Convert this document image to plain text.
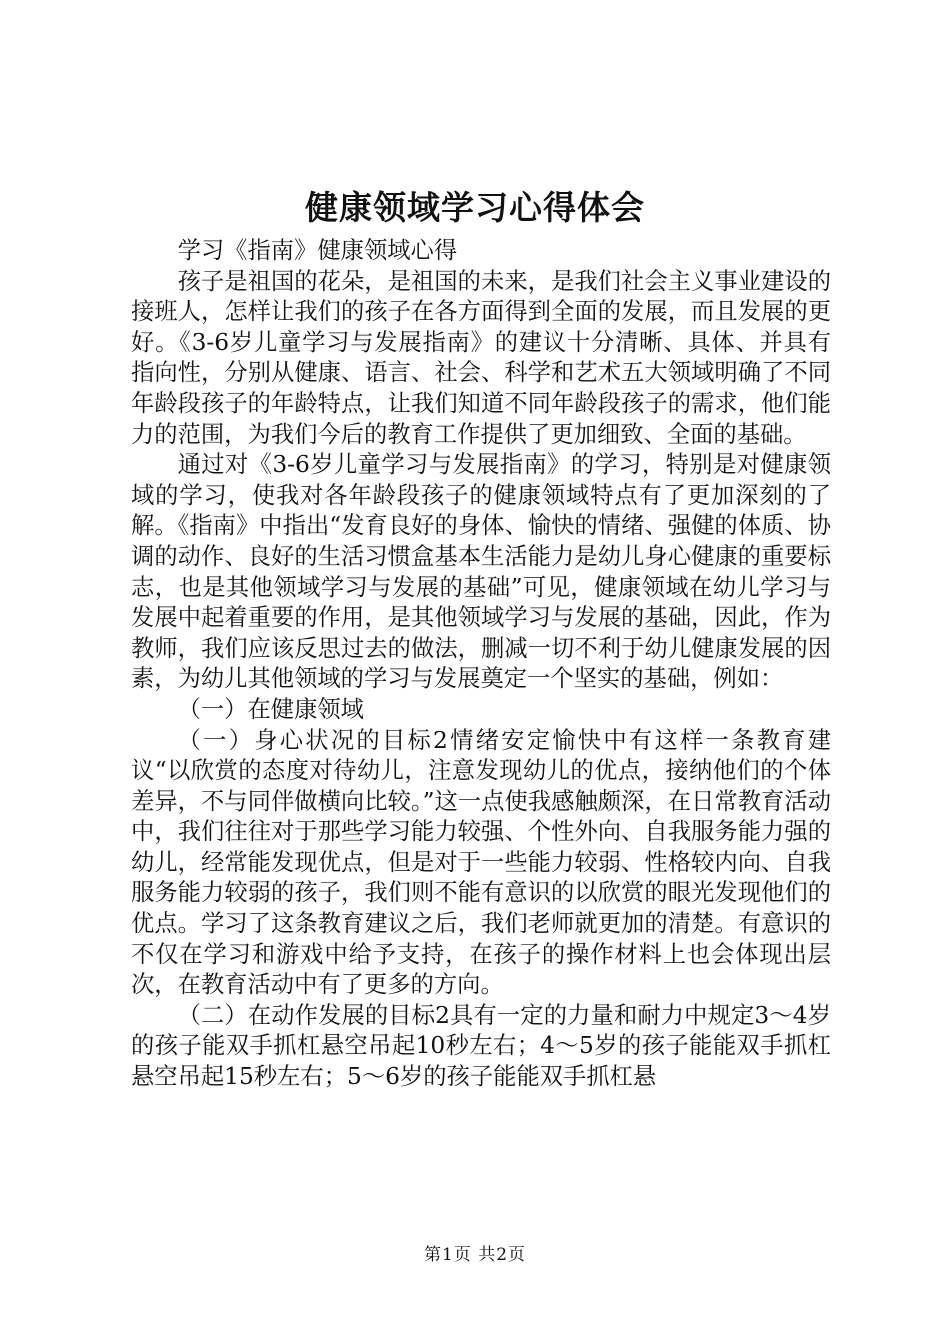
健康领域学习心得体会

学习《指南》健康领域心得

孩子是祖国的花朵，是祖国的未来，是我们社会主义事业建设的接班人，怎样让我们的孩子在各方面得到全面的发展，而且发展的更好。《3-6岁儿童学习与发展指南》的建议十分清晰、具体、并具有指向性，分别从健康、语言、社会、科学和艺术五大领域明确了不同年龄段孩子的年龄特点，让我们知道不同年龄段孩子的需求，他们能力的范围，为我们今后的教育工作提供了更加细致、全面的基础。

通过对《3-6岁儿童学习与发展指南》的学习，特别是对健康领域的学习，使我对各年龄段孩子的健康领域特点有了更加深刻的了解。《指南》中指出“发育良好的身体、愉快的情绪、强健的体质、协调的动作、良好的生活习惯盒基本生活能力是幼儿身心健康的重要标志，也是其他领域学习与发展的基础”可见，健康领域在幼儿学习与发展中起着重要的作用，是其他领域学习与发展的基础，因此，作为教师，我们应该反思过去的做法，删减一切不利于幼儿健康发展的因素，为幼儿其他领域的学习与发展奠定一个坚实的基础，例如：

（一）在健康领域

（一）身心状况的目标2情绪安定愉快中有这样一条教育建议“以欣赏的态度对待幼儿，注意发现幼儿的优点，接纳他们的个体差异，不与同伴做横向比较。”这一点使我感触颇深，在日常教育活动中，我们往往对于那些学习能力较强、个性外向、自我服务能力强的幼儿，经常能发现优点，但是对于一些能力较弱、性格较内向、自我服务能力较弱的孩子，我们则不能有意识的以欣赏的眼光发现他们的优点。学习了这条教育建议之后，我们老师就更加的清楚。有意识的不仅在学习和游戏中给予支持，在孩子的操作材料上也会体现出层次，在教育活动中有了更多的方向。

（二）在动作发展的目标2具有一定的力量和耐力中规定3～4岁的孩子能双手抓杠悬空吊起10秒左右；4～5岁的孩子能能双手抓杠悬空吊起15秒左右；5～6岁的孩子能能双手抓杠悬

第1页 共2页
